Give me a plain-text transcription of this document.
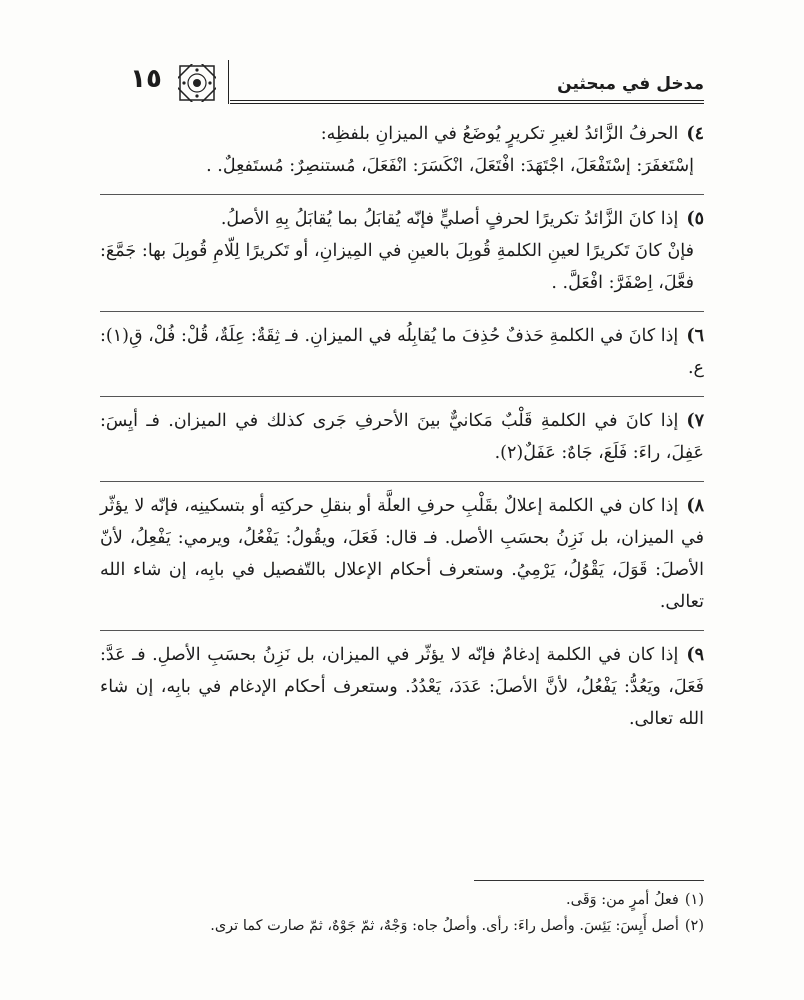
مدخل في مبحثين
١٥

٤)الحرفُ الزَّائدُ لغيرِ تكريرٍ يُوضَعُ في الميزانِ بلفظِه:

إسْتَغفَرَ: إسْتَفْعَلَ، اجْتَهَدَ: افْتَعَلَ، انْكَسَرَ: انْفَعَلَ، مُستنصِرٌ: مُستَفعِلٌ. .

٥)إذا كانَ الزَّائدُ تكريرًا لحرفٍ أصليٍّ فإنّه يُقابَلُ بما يُقابَلُ بِهِ الأصلُ.

فإنْ كانَ تَكريرًا لعينِ الكلمةِ قُوبِلَ بالعينِ في المِيزانِ، أو تَكريرًا لِلّامِ قُوبِلَ بها: جَمَّعَ: فعَّلَ، اِصْفَرَّ: افْعَلَّ. .

٦)إذا كانَ في الكلمةِ حَذفٌ حُذِفَ ما يُقابِلُه في الميزانِ. فـ ثِقَةٌ: عِلَةٌ، قُلْ: فُلْ، قِ(١): ع.

٧)إذا كانَ في الكلمةِ قَلْبٌ مَكانيٌّ بينَ الأحرفِ جَرى كذلك في الميزان. فـ أيِسَ: عَفِلَ، راءَ: فَلَعَ، جَاهٌ: عَفَلٌ(٢).

٨)إذا كان في الكلمة إعلالٌ بقَلْبِ حرفِ العلَّة أو بنقلِ حركتِه أو بتسكينِه، فإنّه لا يؤثّر في الميزان، بل نَزِنُ بحسَبِ الأصل. فـ قال: فَعَلَ، ويقُولُ: يَفْعُلُ، ويرمي: يَفْعِلُ، لأنّ الأصلَ: قَوَلَ، يَقْوُلُ، يَرْمِيُ. وستعرف أحكام الإعلال بالتّفصيل في بابِه، إن شاء الله تعالى.

٩)إذا كان في الكلمة إدغامٌ فإنّه لا يؤثّر في الميزان، بل نَزِنُ بحسَبِ الأصلِ. فـ عَدَّ: فَعَلَ، ويَعُدُّ: يَفْعُلُ، لأنَّ الأصلَ: عَدَدَ، يَعْدُدُ. وستعرف أحكام الإدغام في بابِه، إن شاء الله تعالى.

(١)فعلُ أمرٍ من: وَقَى.

(٢)أصل أَيِسَ: يَئِسَ. وأصل راءَ: رأى. وأصلُ جاه: وَجْهٌ، ثمّ جَوْهٌ، ثمّ صارت كما ترى.
